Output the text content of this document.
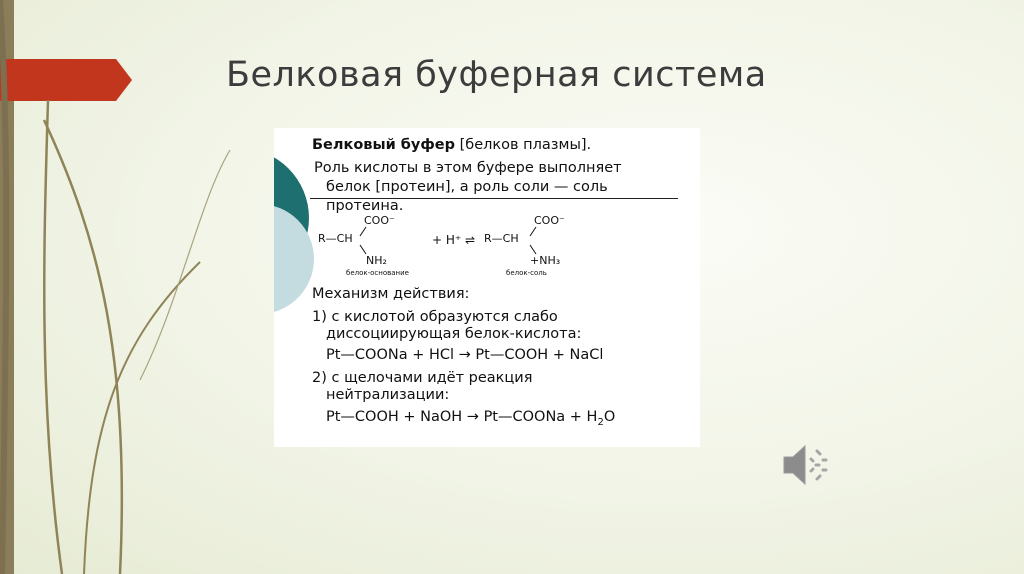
Белковая буферная система
Белковый буфер [белков плазмы].
Роль кислоты в этом буфере выполняет
белок [протеин], а роль соли — соль
протеина.
COO⁻
R—CH
NH₂
+ H⁺ ⇌
COO⁻
R—CH
+NH₃
белок-основание	белок-соль
Механизм действия:
1) с кислотой образуются слабо
диссоциирующая белок-кислота:
Pt—COONa + HCl → Pt—COOH + NaCl
2) с щелочами идёт реакция
нейтрализации:
Pt—COOH + NaOH → Pt—COONa + $H_2O$
